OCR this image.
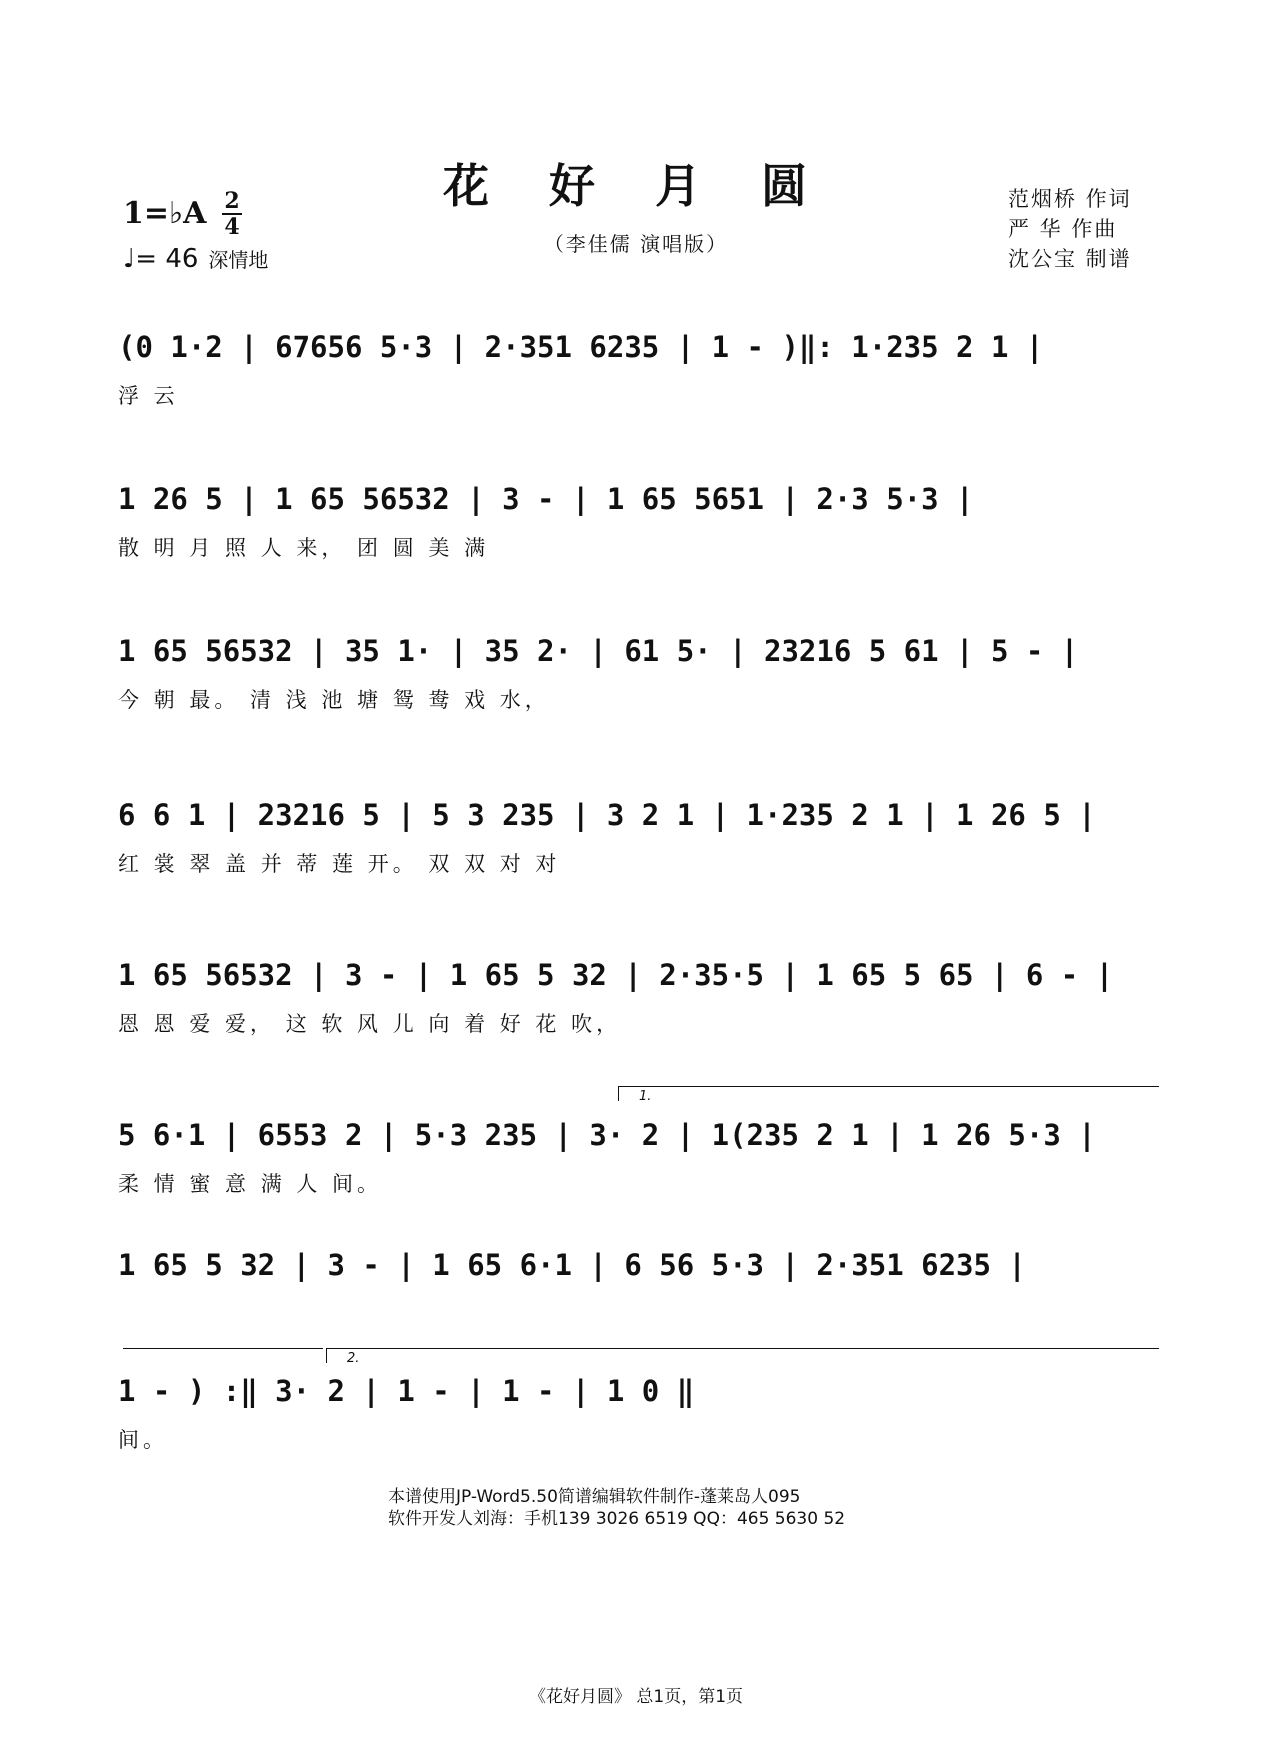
花 好 月 圆
（李佳儒 演唱版）
1=♭A 2
4
♩= 46 深情地
范烟桥 作词
严 华 作曲
沈公宝 制谱
(0 1·2 | 67656 5·3 | 2·351 6235 | 1 - )‖: 1·235 2 1 |
浮 云
1 26 5 | 1 65 56532 | 3 - | 1 65 5651 | 2·3 5·3 |
散 明 月 照 人 来， 团 圆 美 满
1 65 56532 | 35 1· | 35 2· | 61 5· | 23216 5 61 | 5 - |
今 朝 最。 清 浅 池 塘 鸳 鸯 戏 水，
6 6 1 | 23216 5 | 5 3 235 | 3 2 1 | 1·235 2 1 | 1 26 5 |
红 裳 翠 盖 并 蒂 莲 开。 双 双 对 对
1 65 56532 | 3 - | 1 65 5 32 | 2·35·5 | 1 65 5 65 | 6 - |
恩 恩 爱 爱， 这 软 风 儿 向 着 好 花 吹，
1.
5 6·1 | 6553 2 | 5·3 235 | 3· 2 | 1(235 2 1 | 1 26 5·3 |
柔 情 蜜 意 满 人 间。
1 65 5 32 | 3 - | 1 65 6·1 | 6 56 5·3 | 2·351 6235 |
2.
1 - ) :‖ 3· 2 | 1 - | 1 - | 1 0 ‖
间。
本谱使用JP-Word5.50简谱编辑软件制作-蓬莱岛人095
软件开发人刘海：手机139 3026 6519 QQ：465 5630 52
《花好月圆》 总1页，第1页
